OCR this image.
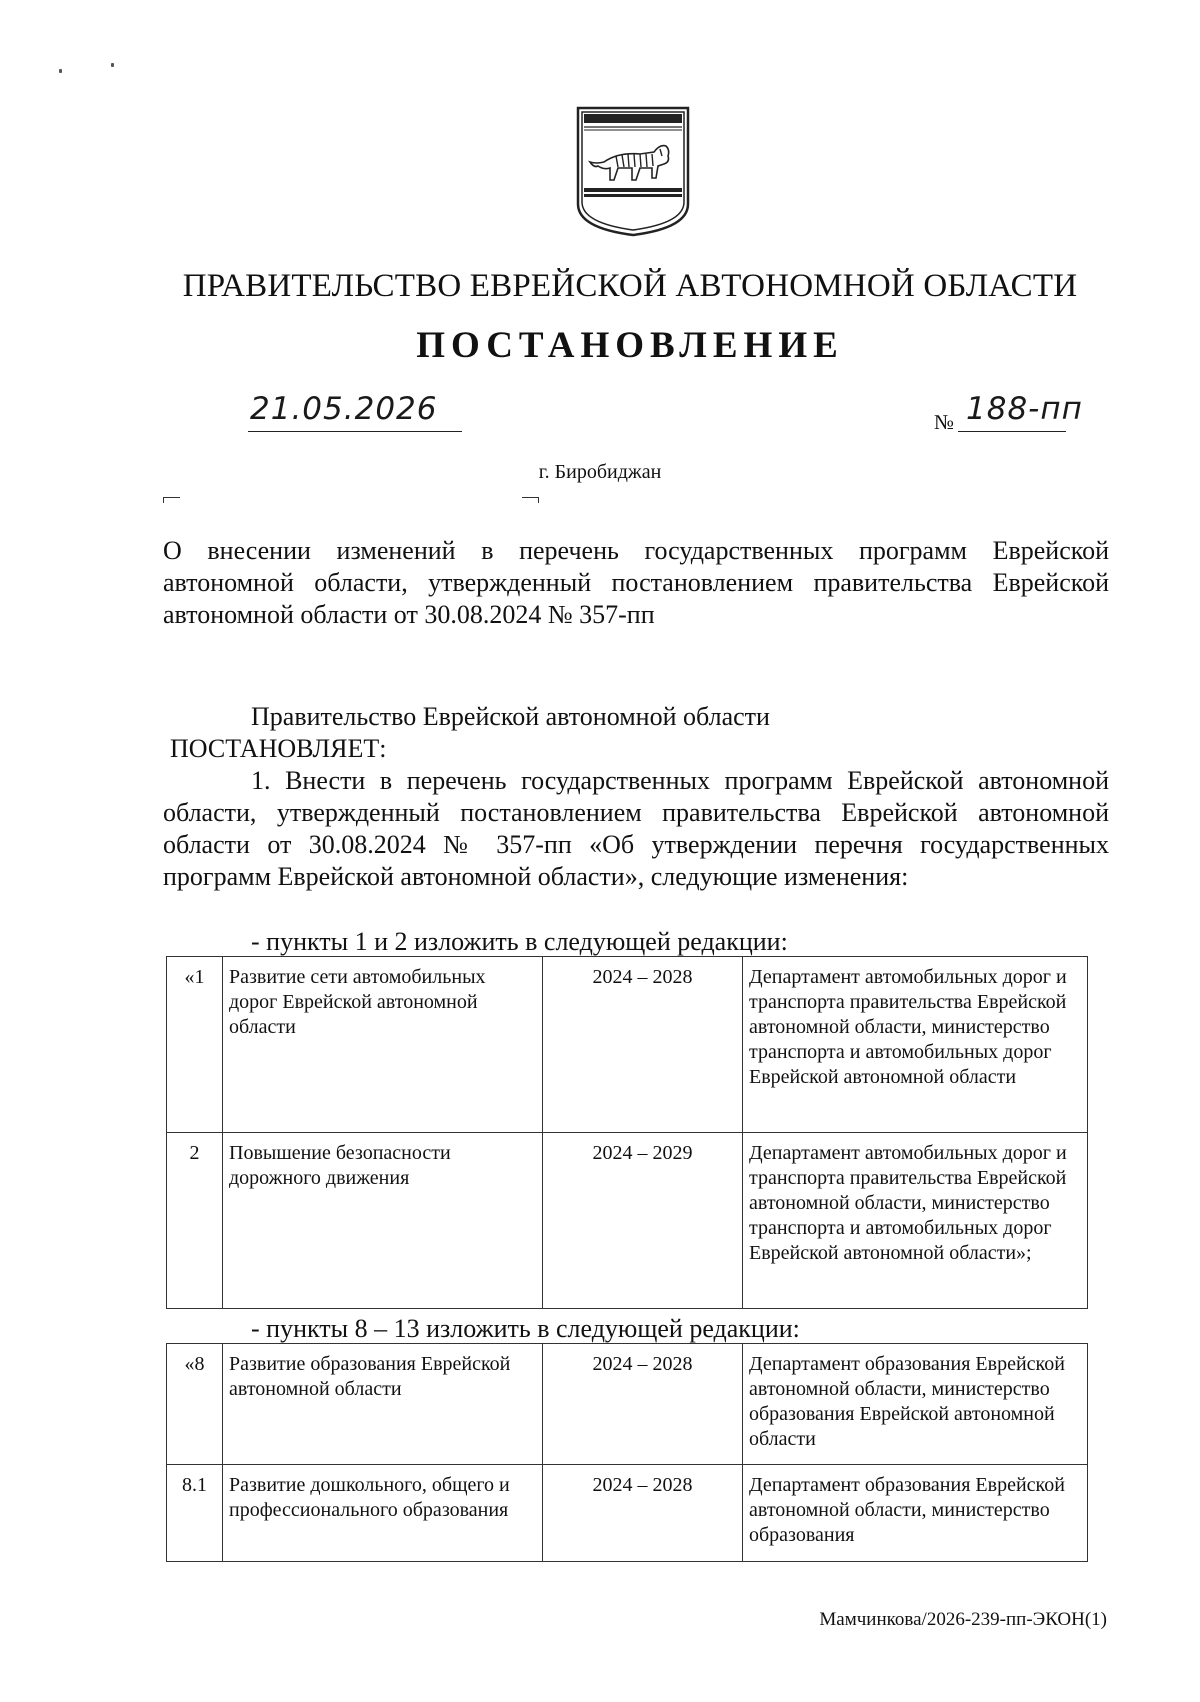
ПРАВИТЕЛЬСТВО ЕВРЕЙСКОЙ АВТОНОМНОЙ ОБЛАСТИ
ПОСТАНОВЛЕНИЕ
21.05.2026	№ 188-пп
г. Биробиджан
О внесении изменений в перечень государственных программ Еврейской автономной области, утвержденный постановлением правительства Еврейской автономной области от 30.08.2024 № 357-пп
Правительство Еврейской автономной области
ПОСТАНОВЛЯЕТ:
1. Внести в перечень государственных программ Еврейской автономной области, утвержденный постановлением правительства Еврейской автономной области от 30.08.2024 № 357-пп «Об утверждении перечня государственных программ Еврейской автономной области», следующие изменения:
- пункты 1 и 2 изложить в следующей редакции:
«1	Развитие сети автомобильных дорог Еврейской автономной области	2024 – 2028	Департамент автомобильных дорог и транспорта правительства Еврейской автономной области, министерство транспорта и автомобильных дорог Еврейской автономной области
2	Повышение безопасности дорожного движения	2024 – 2029	Департамент автомобильных дорог и транспорта правительства Еврейской автономной области, министерство транспорта и автомобильных дорог Еврейской автономной области»;
- пункты 8 – 13 изложить в следующей редакции:
«8	Развитие образования Еврейской автономной области	2024 – 2028	Департамент образования Еврейской автономной области, министерство образования Еврейской автономной области
8.1	Развитие дошкольного, общего и профессионального образования	2024 – 2028	Департамент образования Еврейской автономной области, министерство образования
Мамчинкова/2026-239-пп-ЭКОН(1)
